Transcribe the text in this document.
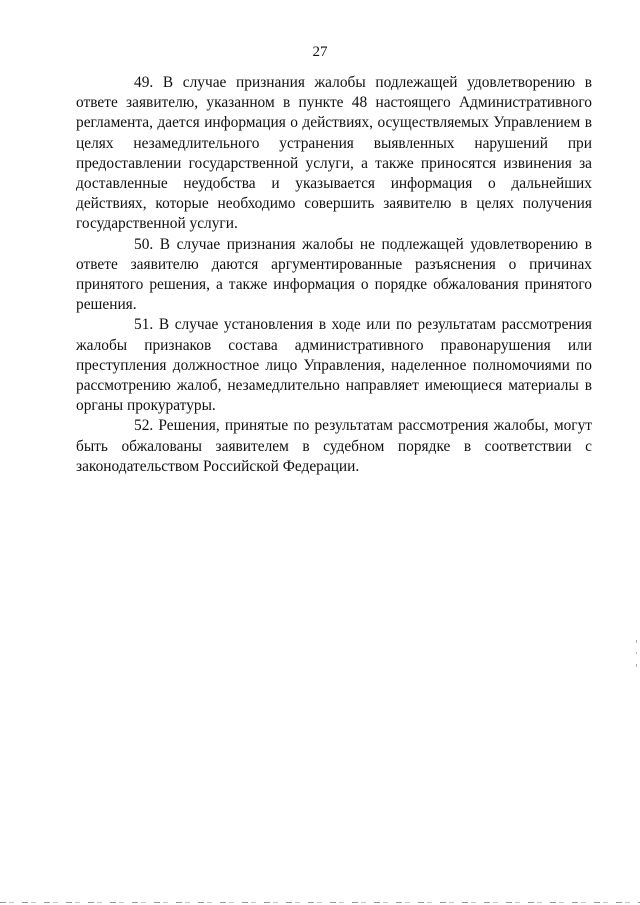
27

49. В случае признания жалобы подлежащей удовлетворению в ответе заявителю, указанном в пункте 48 настоящего Административного регламента, дается информация о действиях, осуществляемых Управлением в целях незамедлительного устранения выявленных нарушений при предоставлении государственной услуги, а также приносятся извинения за доставленные неудобства и указывается информация о дальнейших действиях, которые необходимо совершить заявителю в целях получения государственной услуги.

50. В случае признания жалобы не подлежащей удовлетворению в ответе заявителю даются аргументированные разъяснения о причинах принятого решения, а также информация о порядке обжалования принятого решения.

51. В случае установления в ходе или по результатам рассмотрения жалобы признаков состава административного правонарушения или преступления должностное лицо Управления, наделенное полномочиями по рассмотрению жалоб, незамедлительно направляет имеющиеся материалы в органы прокуратуры.

52. Решения, принятые по результатам рассмотрения жалобы, могут быть обжалованы заявителем в судебном порядке в соответствии с законодательством Российской Федерации.
